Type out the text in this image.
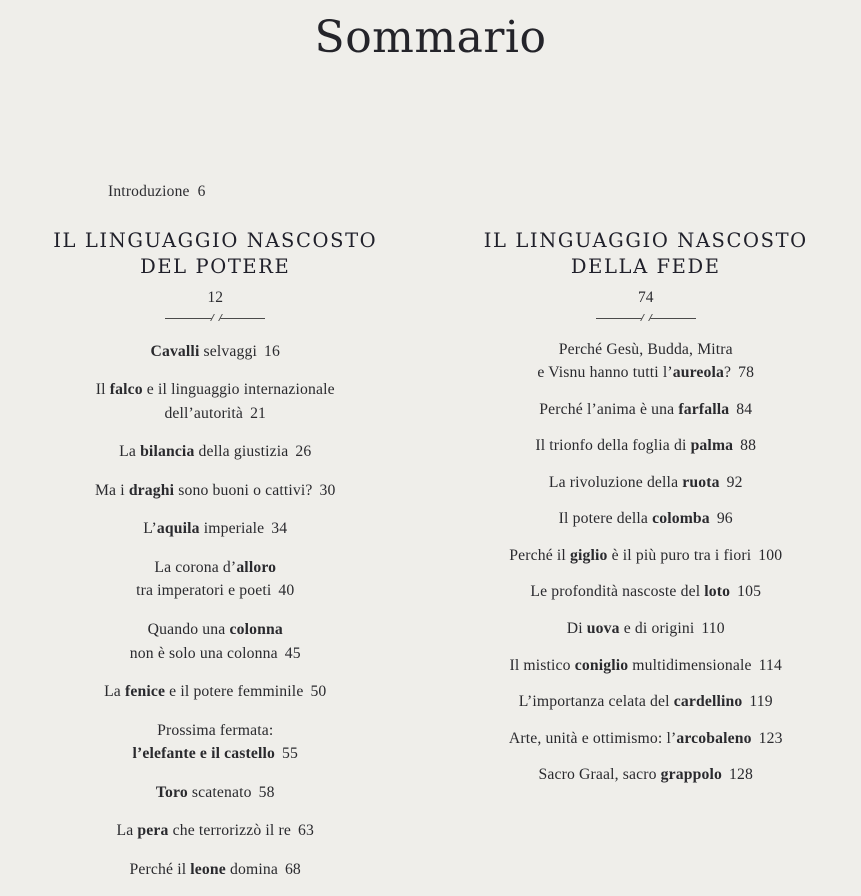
Sommario
Introduzione 6
IL LINGUAGGIO NASCOSTO
DEL POTERE
12
Cavalli selvaggi 16
Il falco e il linguaggio internazionale
dell’autorità 21
La bilancia della giustizia 26
Ma i draghi sono buoni o cattivi? 30
L’aquila imperiale 34
La corona d’alloro
tra imperatori e poeti 40
Quando una colonna
non è solo una colonna 45
La fenice e il potere femminile 50
Prossima fermata:
l’elefante e il castello 55
Toro scatenato 58
La pera che terrorizzò il re 63
Perché il leone domina 68
IL LINGUAGGIO NASCOSTO
DELLA FEDE
74
Perché Gesù, Budda, Mitra
e Visnu hanno tutti l’aureola? 78
Perché l’anima è una farfalla 84
Il trionfo della foglia di palma 88
La rivoluzione della ruota 92
Il potere della colomba 96
Perché il giglio è il più puro tra i fiori 100
Le profondità nascoste del loto 105
Di uova e di origini 110
Il mistico coniglio multidimensionale 114
L’importanza celata del cardellino 119
Arte, unità e ottimismo: l’arcobaleno 123
Sacro Graal, sacro grappolo 128
